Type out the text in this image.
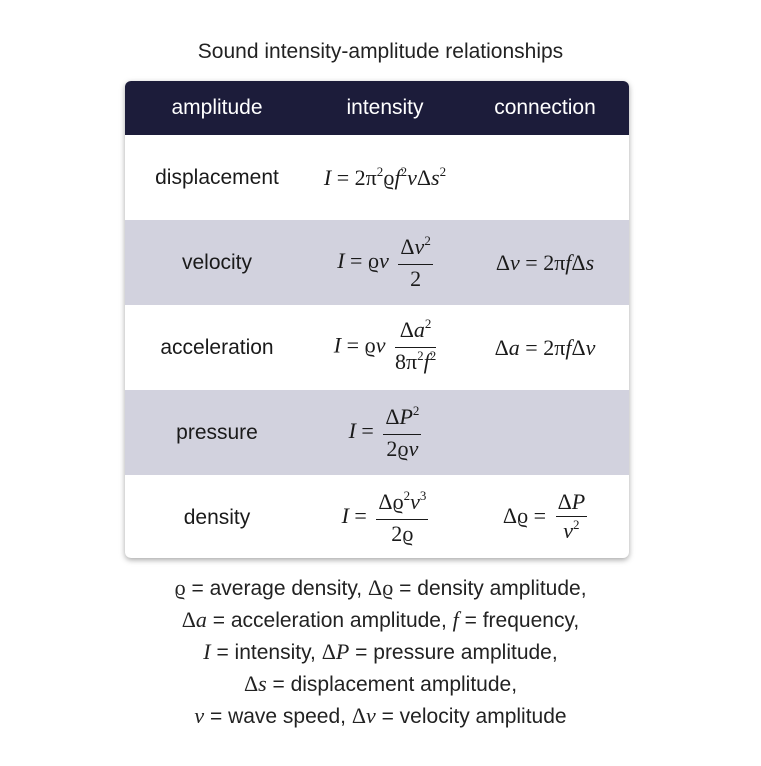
Sound intensity-amplitude relationships
amplitude	intensity	connection
displacement	$I = 2\pi^2ϱf^2v\Delta s^2$
velocity	I = ϱv $\frac{\Delta v^2}{2}$	Δv = 2πfΔs
acceleration	I = ϱv $\frac{\Delta a^2}{8\pi^2f^2}$	Δa = 2πfΔv
pressure	$I = \frac{\Delta P^2}{2ϱv}$
density	$I = \frac{\Delta ϱ^2v^3}{2ϱ}$	$\Delta ϱ = \frac{\Delta P}{v^2}$
ϱ = average density, Δϱ = density amplitude,
Δa = acceleration amplitude, f = frequency,
I = intensity, ΔP = pressure amplitude,
Δs = displacement amplitude,
v = wave speed, Δv = velocity amplitude
